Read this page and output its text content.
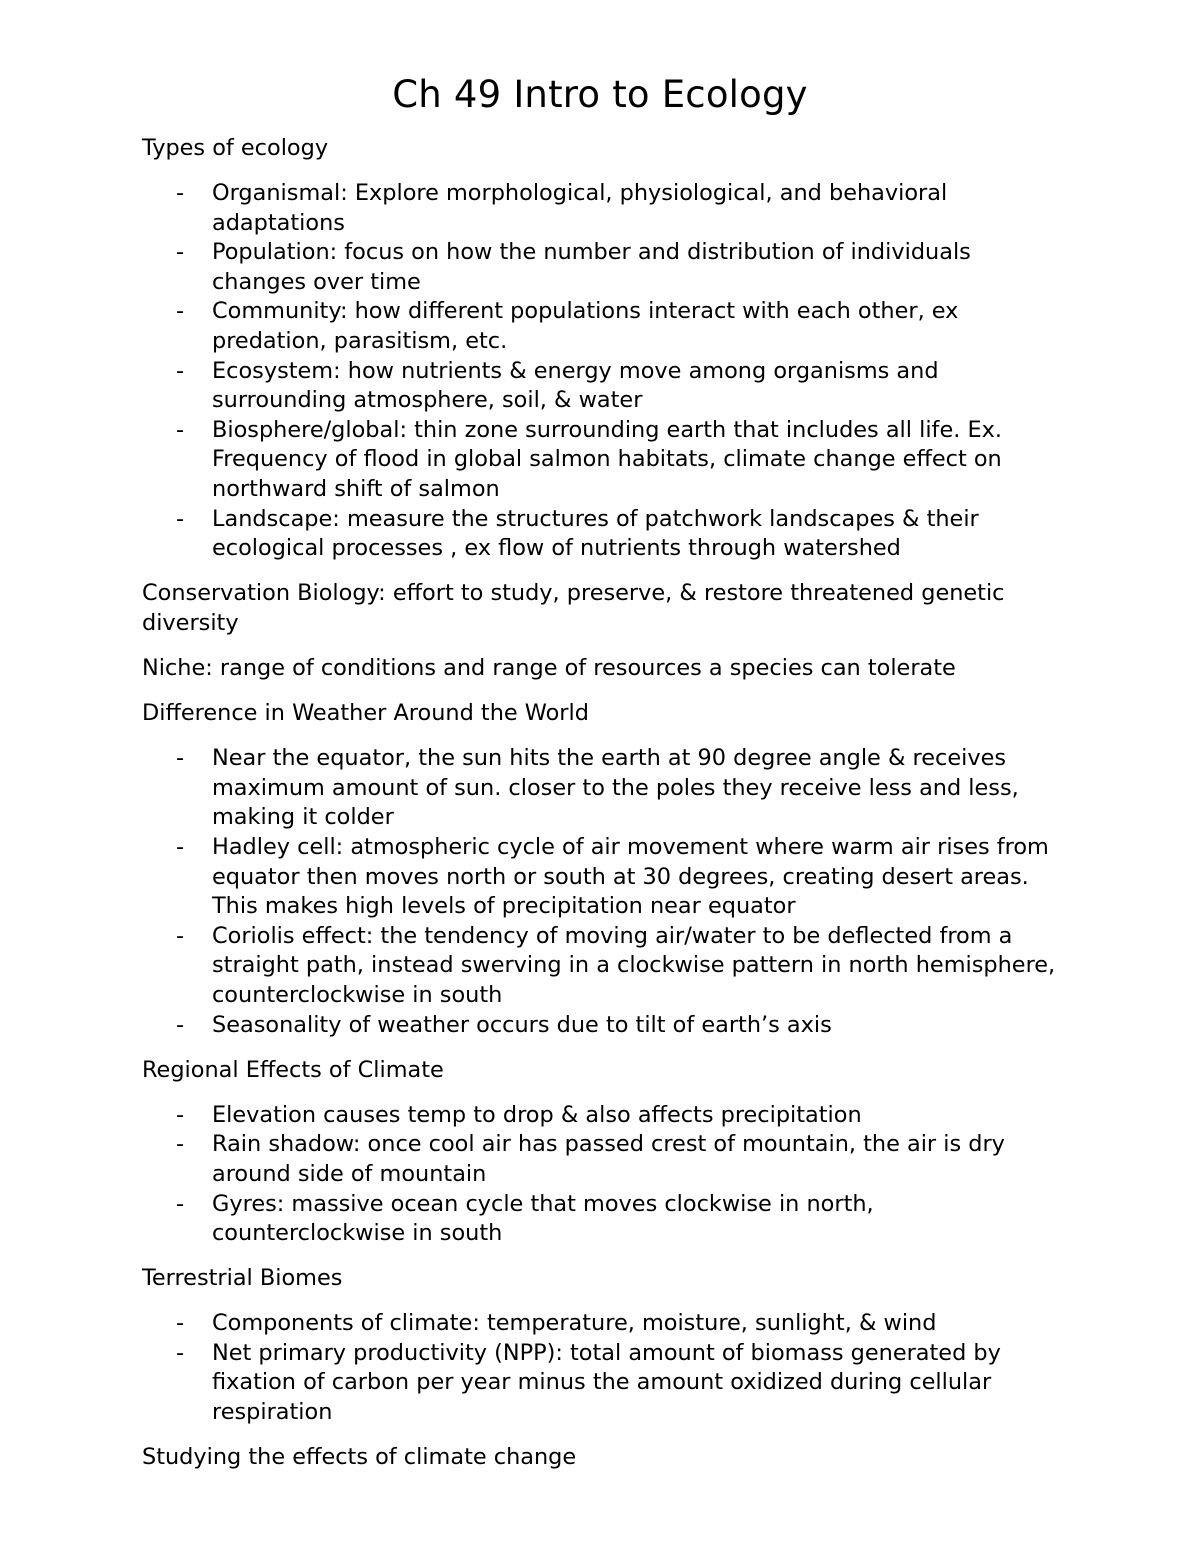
Ch 49 Intro to Ecology

Types of ecology

- Organismal: Explore morphological, physiological, and behavioral adaptations
- Population: focus on how the number and distribution of individuals changes over time
- Community: how different populations interact with each other, ex predation, parasitism, etc.
- Ecosystem: how nutrients & energy move among organisms and surrounding atmosphere, soil, & water
- Biosphere/global: thin zone surrounding earth that includes all life. Ex. Frequency of flood in global salmon habitats, climate change effect on northward shift of salmon
- Landscape: measure the structures of patchwork landscapes & their ecological processes , ex flow of nutrients through watershed

Conservation Biology: effort to study, preserve, & restore threatened genetic diversity

Niche: range of conditions and range of resources a species can tolerate

Difference in Weather Around the World

- Near the equator, the sun hits the earth at 90 degree angle & receives maximum amount of sun. closer to the poles they receive less and less, making it colder
- Hadley cell: atmospheric cycle of air movement where warm air rises from equator then moves north or south at 30 degrees, creating desert areas. This makes high levels of precipitation near equator
- Coriolis effect: the tendency of moving air/water to be deflected from a straight path, instead swerving in a clockwise pattern in north hemisphere, counterclockwise in south
- Seasonality of weather occurs due to tilt of earth’s axis

Regional Effects of Climate

- Elevation causes temp to drop & also affects precipitation
- Rain shadow: once cool air has passed crest of mountain, the air is dry around side of mountain
- Gyres: massive ocean cycle that moves clockwise in north, counterclockwise in south

Terrestrial Biomes

- Components of climate: temperature, moisture, sunlight, & wind
- Net primary productivity (NPP): total amount of biomass generated by fixation of carbon per year minus the amount oxidized during cellular respiration

Studying the effects of climate change
